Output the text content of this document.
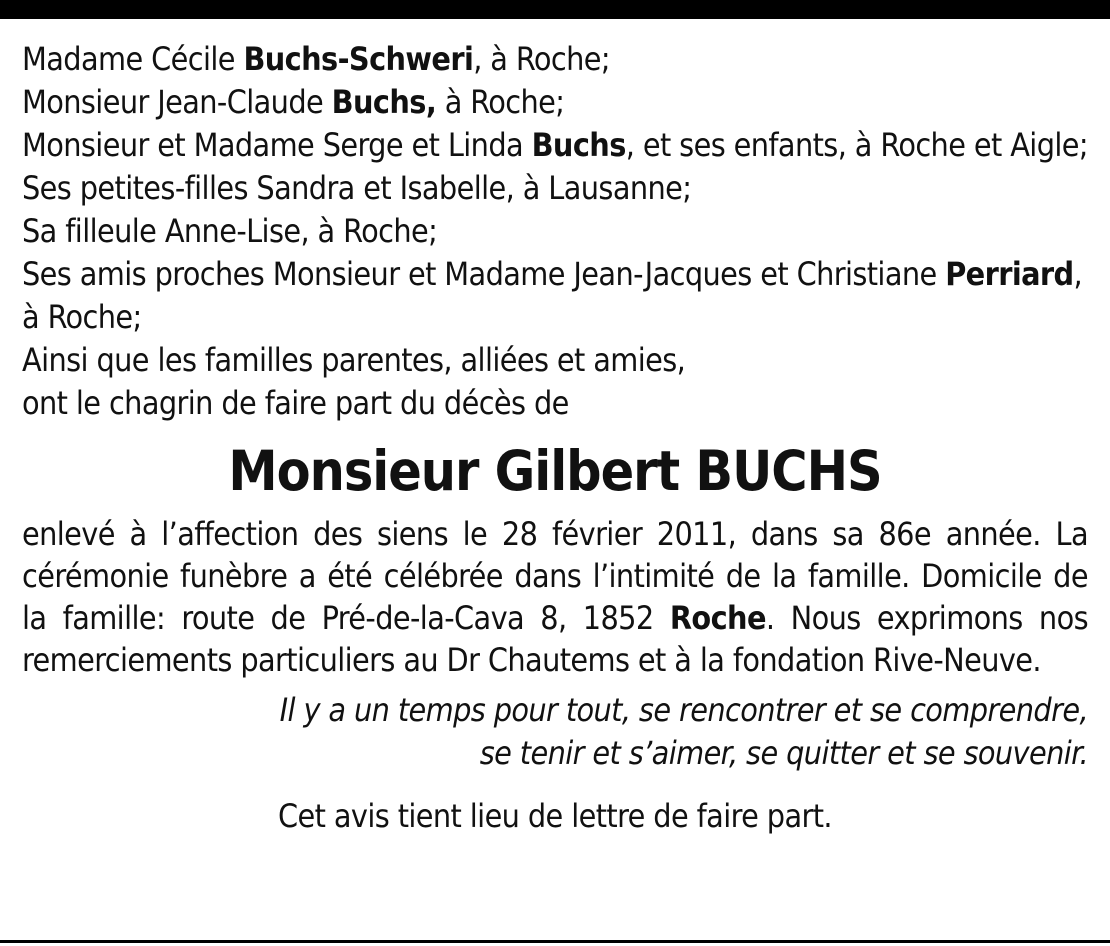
Madame Cécile Buchs-Schweri, à Roche;
Monsieur Jean-Claude Buchs, à Roche;
Monsieur et Madame Serge et Linda Buchs, et ses enfants, à Roche et Aigle;
Ses petites-filles Sandra et Isabelle, à Lausanne;
Sa filleule Anne-Lise, à Roche;
Ses amis proches Monsieur et Madame Jean-Jacques et Christiane Perriard, à Roche;
Ainsi que les familles parentes, alliées et amies,
ont le chagrin de faire part du décès de
Monsieur Gilbert BUCHS
enlevé à l’affection des siens le 28 février 2011, dans sa 86e année. La cérémonie funèbre a été célébrée dans l’intimité de la famille. Domicile de la famille: route de Pré-de-la-Cava 8, 1852 Roche. Nous exprimons nos remerciements particuliers au Dr Chautems et à la fondation Rive-Neuve.
Il y a un temps pour tout, se rencontrer et se comprendre,
se tenir et s’aimer, se quitter et se souvenir.
Cet avis tient lieu de lettre de faire part.
